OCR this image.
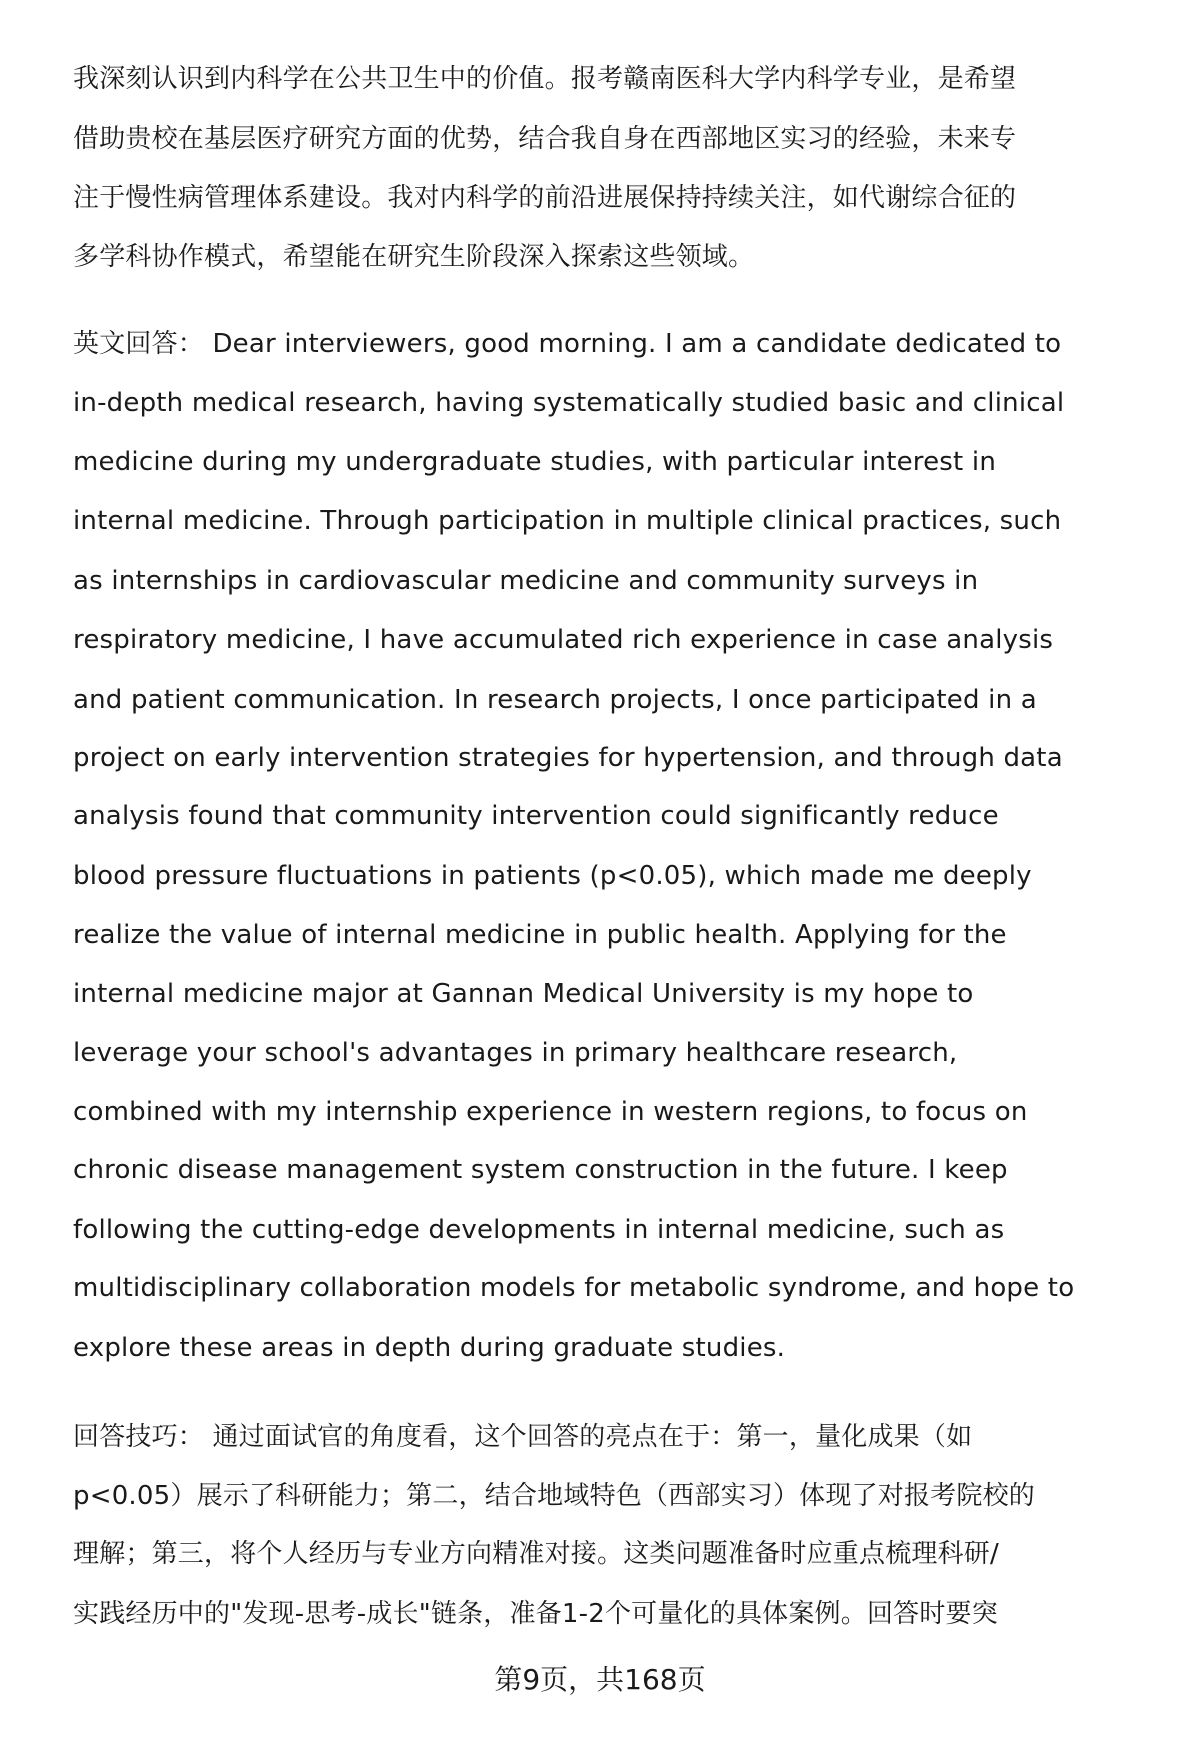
我深刻认识到内科学在公共卫生中的价值。报考赣南医科大学内科学专业，是希望
借助贵校在基层医疗研究方面的优势，结合我自身在西部地区实习的经验，未来专
注于慢性病管理体系建设。我对内科学的前沿进展保持持续关注，如代谢综合征的
多学科协作模式，希望能在研究生阶段深入探索这些领域。
英文回答： Dear interviewers, good morning. I am a candidate dedicated to
in-depth medical research, having systematically studied basic and clinical
medicine during my undergraduate studies, with particular interest in
internal medicine. Through participation in multiple clinical practices, such
as internships in cardiovascular medicine and community surveys in
respiratory medicine, I have accumulated rich experience in case analysis
and patient communication. In research projects, I once participated in a
project on early intervention strategies for hypertension, and through data
analysis found that community intervention could significantly reduce
blood pressure fluctuations in patients (p<0.05), which made me deeply
realize the value of internal medicine in public health. Applying for the
internal medicine major at Gannan Medical University is my hope to
leverage your school's advantages in primary healthcare research,
combined with my internship experience in western regions, to focus on
chronic disease management system construction in the future. I keep
following the cutting-edge developments in internal medicine, such as
multidisciplinary collaboration models for metabolic syndrome, and hope to
explore these areas in depth during graduate studies.
回答技巧： 通过面试官的角度看，这个回答的亮点在于：第一，量化成果（如
p<0.05）展示了科研能力；第二，结合地域特色（西部实习）体现了对报考院校的
理解；第三，将个人经历与专业方向精准对接。这类问题准备时应重点梳理科研/
实践经历中的"发现-思考-成长"链条，准备1-2个可量化的具体案例。回答时要突
第9页，共168页
